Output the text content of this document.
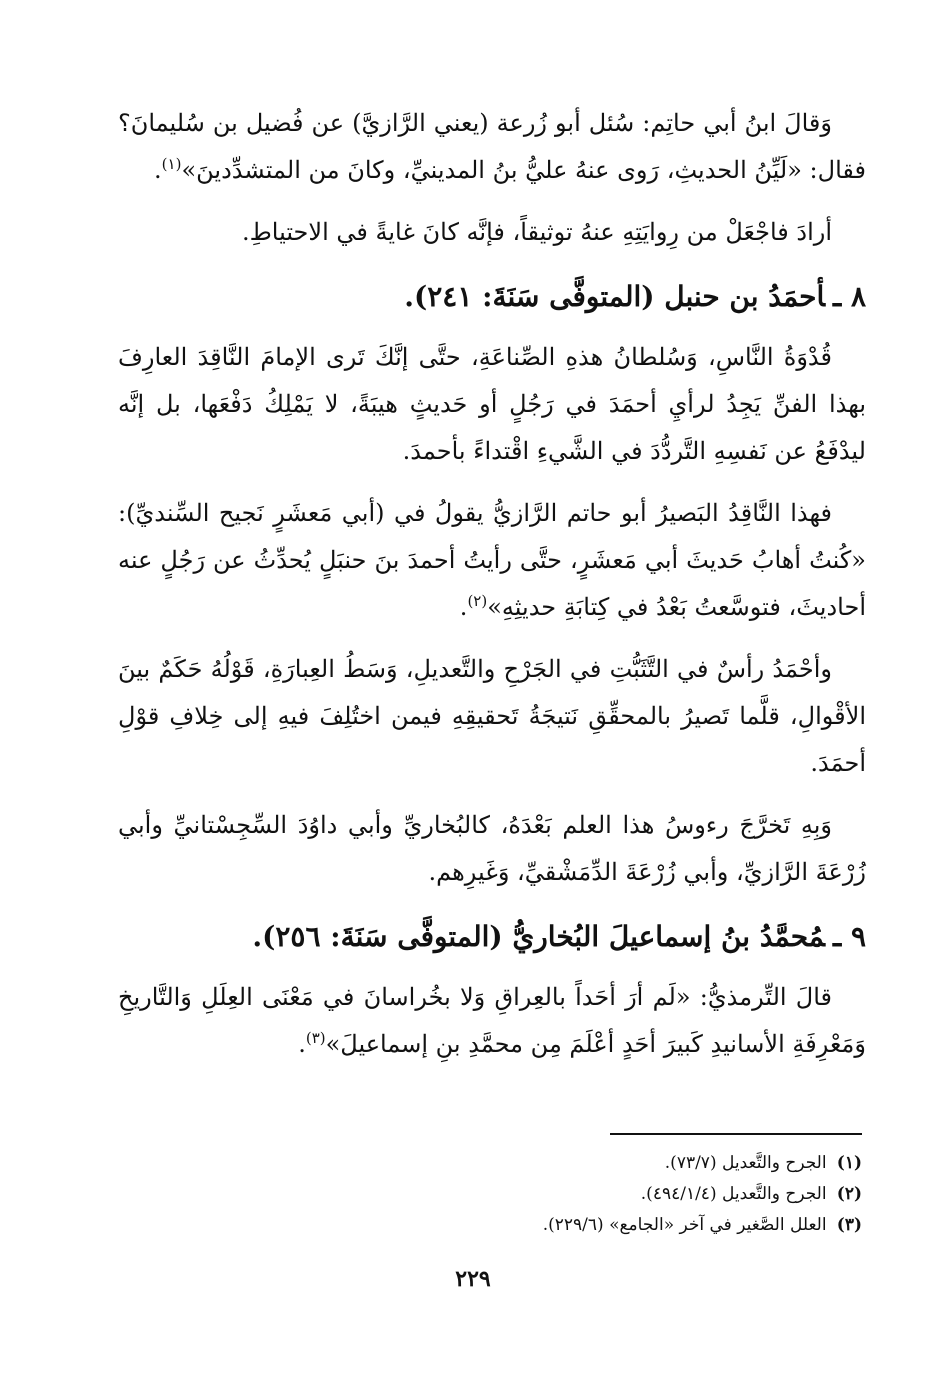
وَقالَ ابنُ أبي حاتِم: سُئل أبو زُرعة (يعني الرَّازيَّ) عن فُضيل بن سُليمانَ؟ فقال: «لَيِّنُ الحديثِ، رَوى عنهُ عليُّ بنُ المدينيِّ، وكانَ من المتشدِّدينَ»$^{(١)}$.

أرادَ فاجْعَلْ من رِوايَتِهِ عنهُ توثيقاً، فإنَّه كانَ غايةً في الاحتياطِ.

٨ ـأحمَدُ بن حنبل (المتوفَّى سَنَةَ: ٢٤١).

قُدْوَةُ النَّاسِ، وَسُلطانُ هذهِ الصِّناعَةِ، حتَّى إنَّكَ تَرى الإمامَ النَّاقِدَ العارِفَ بهذا الفنِّ يَجِدُ لرأيِ أحمَدَ في رَجُلٍ أو حَديثٍ هيبَةً، لا يَمْلِكُ دَفْعَها، بل إنَّه ليدْفَعُ عن نَفسِهِ التَّردُّدَ في الشَّيءِ اقْتداءً بأحمدَ.

فهذا النَّاقِدُ البَصيرُ أبو حاتم الرَّازيُّ يقولُ في (أبي مَعشَرٍ نَجيح السِّنديِّ): «كُنتُ أهابُ حَديثَ أبي مَعشَرٍ، حتَّى رأيتُ أحمدَ بنَ حنبَلٍ يُحدِّثُ عن رَجُلٍ عنه أحاديثَ، فتوسَّعتُ بَعْدُ في كِتابَةِ حديثِهِ»$^{(٢)}$.

وأحْمَدُ رأسٌ في التَّثَبُّتِ في الجَرْحِ والتَّعديلِ، وَسَطُ العِبارَةِ، قَوْلُهُ حَكَمٌ بينَ الأقْوالِ، قلَّما تَصيرُ بالمحقِّقِ نَتيجَةُ تَحقيقِهِ فيمن اختُلِفَ فيهِ إلى خِلافِ قوْلِ أحمَدَ.

وَبِهِ تَخرَّجَ رءوسُ هذا العلم بَعْدَهُ، كالبُخاريِّ وأبي داوُدَ السِّجِسْتانيِّ وأبي زُرْعَةَ الرَّازيِّ، وأبي زُرْعَةَ الدِّمَشْقيِّ، وَغَيرِهم.

٩ ـمُحمَّدُ بنُ إسماعيلَ البُخاريُّ (المتوفَّى سَنَةَ: ٢٥٦).

قالَ التِّرمذيُّ: «لَم أرَ أحَداً بالعِراقِ وَلا بخُراسانَ في مَعْنَى العِلَلِ وَالتَّاريخِ وَمَعْرِفَةِ الأسانيدِ كَبيرَ أحَدٍ أعْلَمَ مِن محمَّدِ بنِ إسماعيلَ»$^{(٣)}$.

(١) الجرح والتَّعديل (٧٣/٧).
(٢) الجرح والتَّعديل (٤٩٤/١/٤).
(٣) العلل الصَّغير في آخر «الجامع» (٢٢٩/٦).
٢٢٩
